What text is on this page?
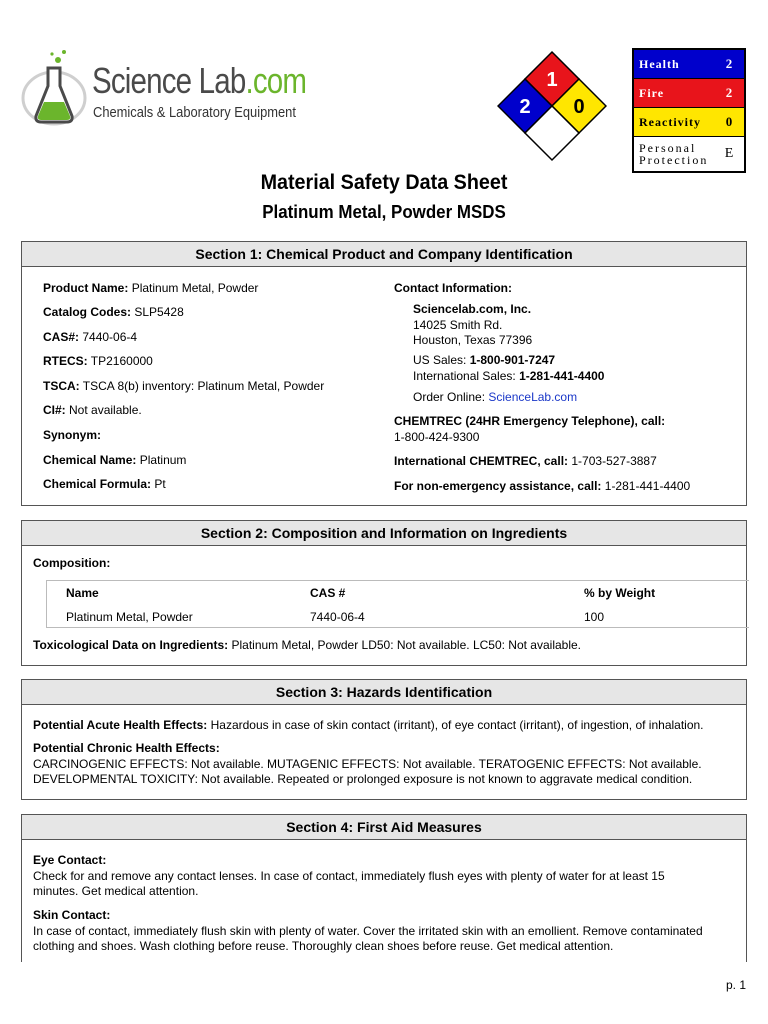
Science Lab.com
Chemicals & Laboratory Equipment
1
2 0
Health	2
Fire	2
Reactivity	0
Personal
Protection	E
Material Safety Data Sheet
Platinum Metal, Powder MSDS
Section 1: Chemical Product and Company Identification
Product Name: Platinum Metal, Powder
Catalog Codes: SLP5428
CAS#: 7440-06-4
RTECS: TP2160000
TSCA: TSCA 8(b) inventory: Platinum Metal, Powder
CI#: Not available.
Synonym:
Chemical Name: Platinum
Chemical Formula: Pt
Contact Information:
Sciencelab.com, Inc.
14025 Smith Rd.
Houston, Texas 77396
US Sales: 1-800-901-7247
International Sales: 1-281-441-4400
Order Online: ScienceLab.com
CHEMTREC (24HR Emergency Telephone), call:
1-800-424-9300
International CHEMTREC, call: 1-703-527-3887
For non-emergency assistance, call: 1-281-441-4400
Section 2: Composition and Information on Ingredients
Composition:
Name	CAS #	% by Weight
Platinum Metal, Powder	7440-06-4	100
Toxicological Data on Ingredients: Platinum Metal, Powder LD50: Not available. LC50: Not available.
Section 3: Hazards Identification
Potential Acute Health Effects: Hazardous in case of skin contact (irritant), of eye contact (irritant), of ingestion, of inhalation.
Potential Chronic Health Effects:
CARCINOGENIC EFFECTS: Not available. MUTAGENIC EFFECTS: Not available. TERATOGENIC EFFECTS: Not available.
DEVELOPMENTAL TOXICITY: Not available. Repeated or prolonged exposure is not known to aggravate medical condition.
Section 4: First Aid Measures
Eye Contact:
Check for and remove any contact lenses. In case of contact, immediately flush eyes with plenty of water for at least 15
minutes. Get medical attention.
Skin Contact:
In case of contact, immediately flush skin with plenty of water. Cover the irritated skin with an emollient. Remove contaminated
clothing and shoes. Wash clothing before reuse. Thoroughly clean shoes before reuse. Get medical attention.
p. 1
